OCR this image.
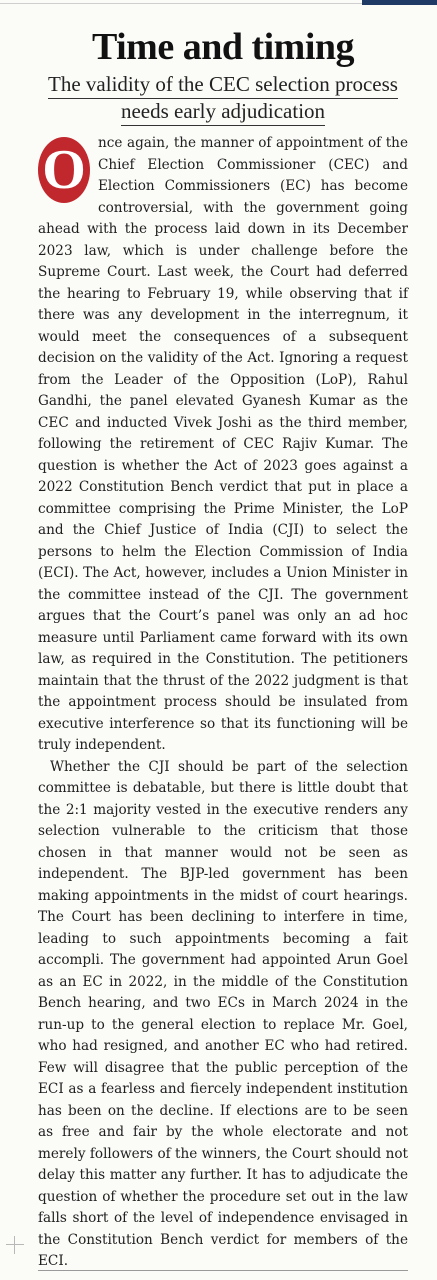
Time and timing
The validity of the CEC selection process
needs early adjudication

O nce again, the manner of appointment of the Chief Election Commissioner (CEC) and Election Commissioners (EC) has become controversial, with the government going ahead with the process laid down in its December 2023 law, which is under challenge before the Supreme Court. Last week, the Court had deferred the hearing to February 19, while observing that if there was any development in the interregnum, it would meet the consequences of a subsequent decision on the validity of the Act. Ignoring a request from the Leader of the Opposition (LoP), Rahul Gandhi, the panel elevated Gyanesh Kumar as the CEC and inducted Vivek Joshi as the third member, following the retirement of CEC Rajiv Kumar. The question is whether the Act of 2023 goes against a 2022 Constitution Bench verdict that put in place a committee comprising the Prime Minister, the LoP and the Chief Justice of India (CJI) to select the persons to helm the Election Commission of India (ECI). The Act, however, includes a Union Minister in the committee instead of the CJI. The government argues that the Court’s panel was only an ad hoc measure until Parliament came forward with its own law, as required in the Constitution. The petitioners maintain that the thrust of the 2022 judgment is that the appointment process should be insulated from executive interference so that its functioning will be truly independent.

Whether the CJI should be part of the selection committee is debatable, but there is little doubt that the 2:1 majority vested in the executive renders any selection vulnerable to the criticism that those chosen in that manner would not be seen as independent. The BJP-led government has been making appointments in the midst of court hearings. The Court has been declining to interfere in time, leading to such appointments becoming a fait accompli. The government had appointed Arun Goel as an EC in 2022, in the middle of the Constitution Bench hearing, and two ECs in March 2024 in the run-up to the general election to replace Mr. Goel, who had resigned, and another EC who had retired. Few will disagree that the public perception of the ECI as a fearless and fiercely independent institution has been on the decline. If elections are to be seen as free and fair by the whole electorate and not merely followers of the winners, the Court should not delay this matter any further. It has to adjudicate the question of whether the procedure set out in the law falls short of the level of independence envisaged in the Constitution Bench verdict for members of the ECI.
